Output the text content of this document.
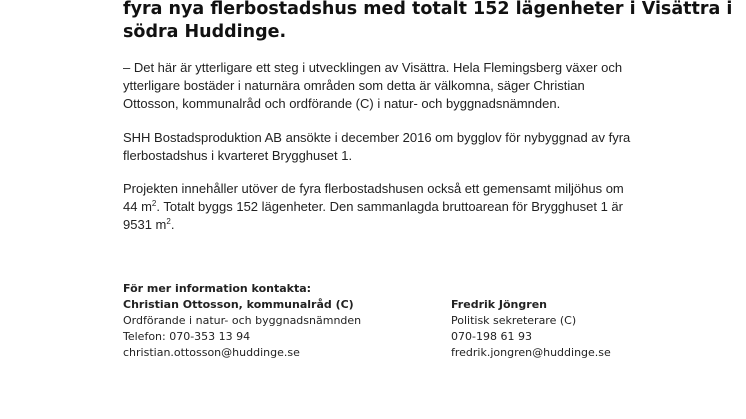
fyra nya flerbostadshus med totalt 152 lägenheter i Visättra i
södra Huddinge.
– Det här är ytterligare ett steg i utvecklingen av Visättra. Hela Flemingsberg växer och
ytterligare bostäder i naturnära områden som detta är välkomna, säger Christian
Ottosson, kommunalråd och ordförande (C) i natur- och byggnadsnämnden.
SHH Bostadsproduktion AB ansökte i december 2016 om bygglov för nybyggnad av fyra
flerbostadshus i kvarteret Brygghuset 1.
Projekten innehåller utöver de fyra flerbostadshusen också ett gemensamt miljöhus om
44 $m^2$. Totalt byggs 152 lägenheter. Den sammanlagda bruttoarean för Brygghuset 1 är
9531 $m^2$.
För mer information kontakta:
Christian Ottosson, kommunalråd (C)
Ordförande i natur- och byggnadsnämnden
Telefon: 070-353 13 94
christian.ottosson@huddinge.se
Fredrik Jöngren
Politisk sekreterare (C)
070-198 61 93
fredrik.jongren@huddinge.se
